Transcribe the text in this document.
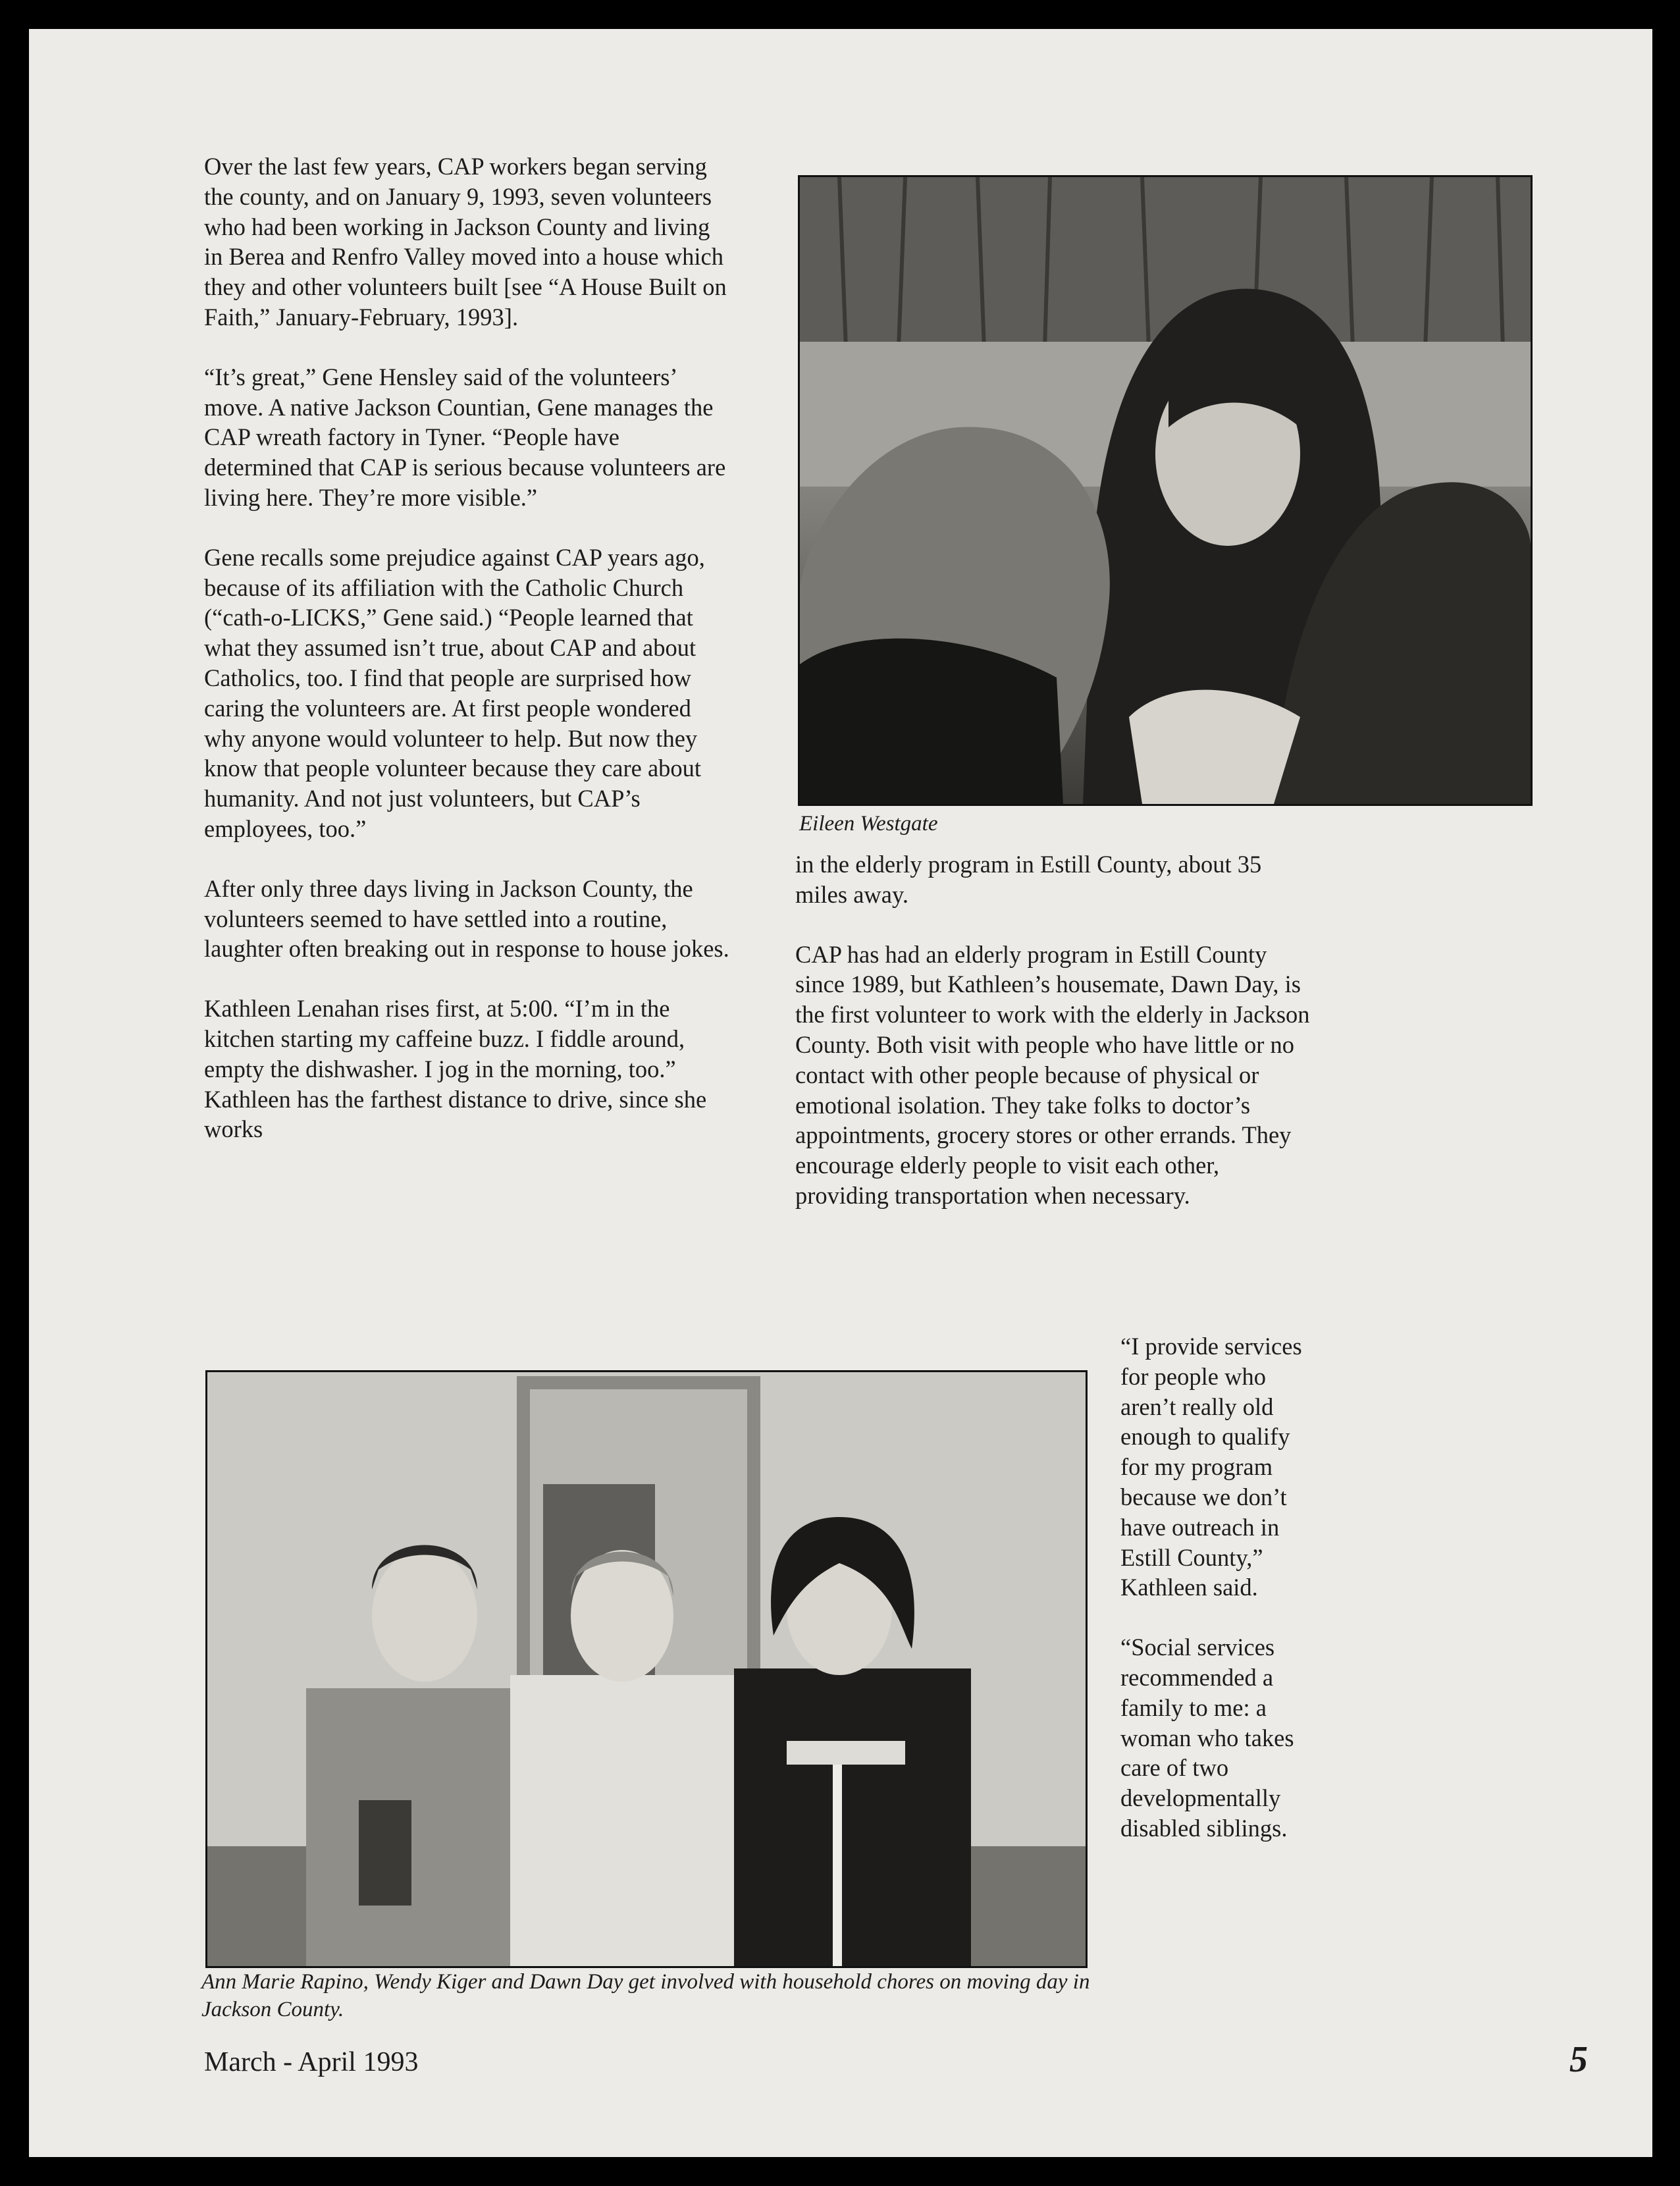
Over the last few years, CAP workers began serving the county, and on January 9, 1993, seven volunteers who had been working in Jackson County and living in Berea and Renfro Valley moved into a house which they and other volunteers built [see “A House Built on Faith,” January-February, 1993].

“It’s great,” Gene Hensley said of the volunteers’ move. A native Jackson Countian, Gene manages the CAP wreath factory in Tyner. “People have determined that CAP is serious because volunteers are living here. They’re more visible.”

Gene recalls some prejudice against CAP years ago, because of its affiliation with the Catholic Church (“cath-o-LICKS,” Gene said.) “People learned that what they assumed isn’t true, about CAP and about Catholics, too. I find that people are surprised how caring the volunteers are. At first people wondered why anyone would volunteer to help. But now they know that people volunteer because they care about humanity. And not just volunteers, but CAP’s employees, too.”

After only three days living in Jackson County, the volunteers seemed to have settled into a routine, laughter often breaking out in response to house jokes.

Kathleen Lenahan rises first, at 5:00. “I’m in the kitchen starting my caffeine buzz. I fiddle around, empty the dishwasher. I jog in the morning, too.” Kathleen has the farthest distance to drive, since she works

Eileen Westgate

in the elderly program in Estill County, about 35 miles away.

CAP has had an elderly program in Estill County since 1989, but Kathleen’s housemate, Dawn Day, is the first volunteer to work with the elderly in Jackson County. Both visit with people who have little or no contact with other people because of physical or emotional isolation. They take folks to doctor’s appointments, grocery stores or other errands. They encourage elderly people to visit each other, providing transportation when necessary.

Ann Marie Rapino, Wendy Kiger and Dawn Day get involved with household chores on moving day in Jackson County.

“I provide services for people who aren’t really old enough to qualify for my program because we don’t have outreach in Estill County,” Kathleen said.

“Social services recommended a family to me: a woman who takes care of two developmentally disabled siblings.

March - April 1993	5
